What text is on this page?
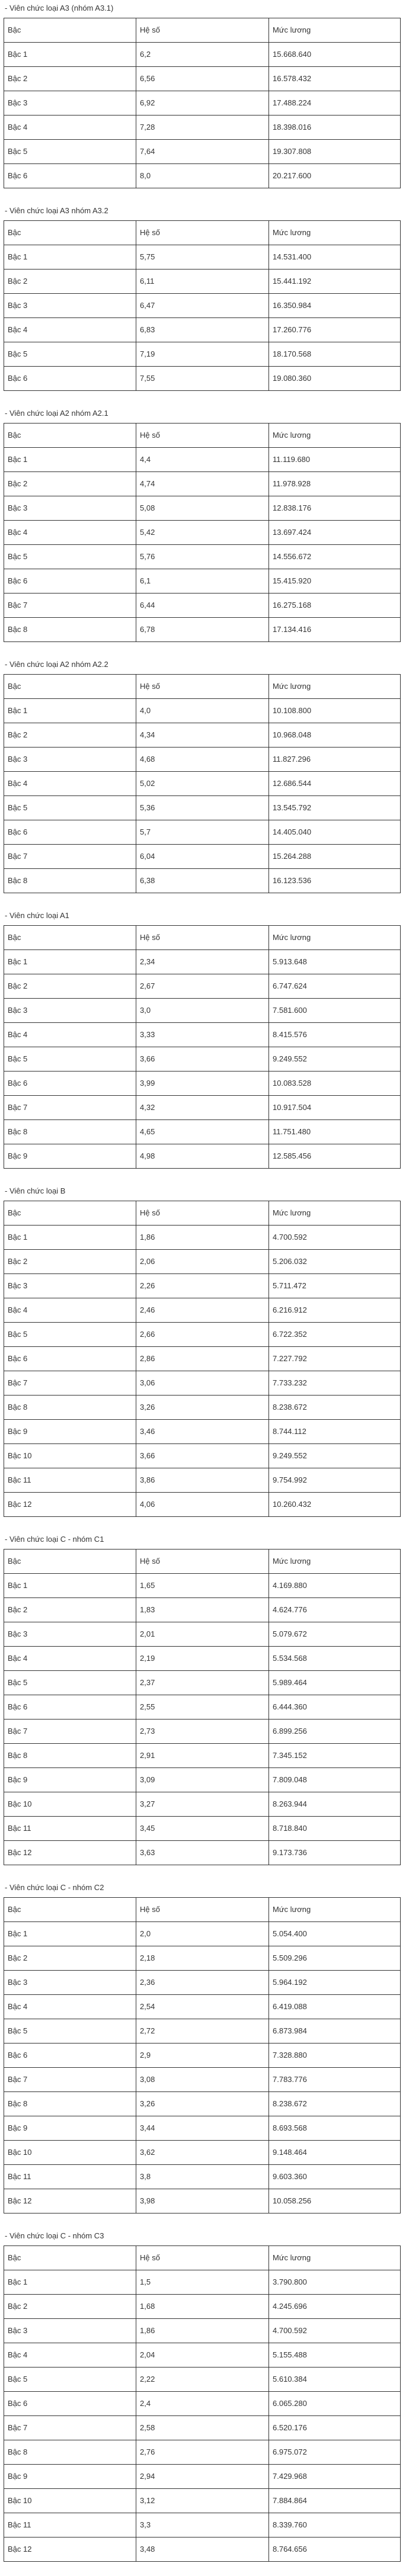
- Viên chức loại A3 (nhóm A3.1)
Bậc	Hệ số	Mức lương
Bậc 1	6,2	15.668.640
Bậc 2	6,56	16.578.432
Bậc 3	6,92	17.488.224
Bậc 4	7,28	18.398.016
Bậc 5	7,64	19.307.808
Bậc 6	8,0	20.217.600
- Viên chức loại A3 nhóm A3.2
Bậc	Hệ số	Mức lương
Bậc 1	5,75	14.531.400
Bậc 2	6,11	15.441.192
Bậc 3	6,47	16.350.984
Bậc 4	6,83	17.260.776
Bậc 5	7,19	18.170.568
Bậc 6	7,55	19.080.360
- Viên chức loại A2 nhóm A2.1
Bậc	Hệ số	Mức lương
Bậc 1	4,4	11.119.680
Bậc 2	4,74	11.978.928
Bậc 3	5,08	12.838.176
Bậc 4	5,42	13.697.424
Bậc 5	5,76	14.556.672
Bậc 6	6,1	15.415.920
Bậc 7	6,44	16.275.168
Bậc 8	6,78	17.134.416
- Viên chức loại A2 nhóm A2.2
Bậc	Hệ số	Mức lương
Bậc 1	4,0	10.108.800
Bậc 2	4,34	10.968.048
Bậc 3	4,68	11.827.296
Bậc 4	5,02	12.686.544
Bậc 5	5,36	13.545.792
Bậc 6	5,7	14.405.040
Bậc 7	6,04	15.264.288
Bậc 8	6,38	16.123.536
- Viên chức loại A1
Bậc	Hệ số	Mức lương
Bậc 1	2,34	5.913.648
Bậc 2	2,67	6.747.624
Bậc 3	3,0	7.581.600
Bậc 4	3,33	8.415.576
Bậc 5	3,66	9.249.552
Bậc 6	3,99	10.083.528
Bậc 7	4,32	10.917.504
Bậc 8	4,65	11.751.480
Bậc 9	4,98	12.585.456
- Viên chức loại B
Bậc	Hệ số	Mức lương
Bậc 1	1,86	4.700.592
Bậc 2	2,06	5.206.032
Bậc 3	2,26	5.711.472
Bậc 4	2,46	6.216.912
Bậc 5	2,66	6.722.352
Bậc 6	2,86	7.227.792
Bậc 7	3,06	7.733.232
Bậc 8	3,26	8.238.672
Bậc 9	3,46	8.744.112
Bậc 10	3,66	9.249.552
Bậc 11	3,86	9.754.992
Bậc 12	4,06	10.260.432
- Viên chức loại C - nhóm C1
Bậc	Hệ số	Mức lương
Bậc 1	1,65	4.169.880
Bậc 2	1,83	4.624.776
Bậc 3	2,01	5.079.672
Bậc 4	2,19	5.534.568
Bậc 5	2,37	5.989.464
Bậc 6	2,55	6.444.360
Bậc 7	2,73	6.899.256
Bậc 8	2,91	7.345.152
Bậc 9	3,09	7.809.048
Bậc 10	3,27	8.263.944
Bậc 11	3,45	8.718.840
Bậc 12	3,63	9.173.736
- Viên chức loại C - nhóm C2
Bậc	Hệ số	Mức lương
Bậc 1	2,0	5.054.400
Bậc 2	2,18	5.509.296
Bậc 3	2,36	5.964.192
Bậc 4	2,54	6.419.088
Bậc 5	2,72	6.873.984
Bậc 6	2,9	7.328.880
Bậc 7	3,08	7.783.776
Bậc 8	3,26	8.238.672
Bậc 9	3,44	8.693.568
Bậc 10	3,62	9.148.464
Bậc 11	3,8	9.603.360
Bậc 12	3,98	10.058.256
- Viên chức loại C - nhóm C3
Bậc	Hệ số	Mức lương
Bậc 1	1,5	3.790.800
Bậc 2	1,68	4.245.696
Bậc 3	1,86	4.700.592
Bậc 4	2,04	5.155.488
Bậc 5	2,22	5.610.384
Bậc 6	2,4	6.065.280
Bậc 7	2,58	6.520.176
Bậc 8	2,76	6.975.072
Bậc 9	2,94	7.429.968
Bậc 10	3,12	7.884.864
Bậc 11	3,3	8.339.760
Bậc 12	3,48	8.764.656
